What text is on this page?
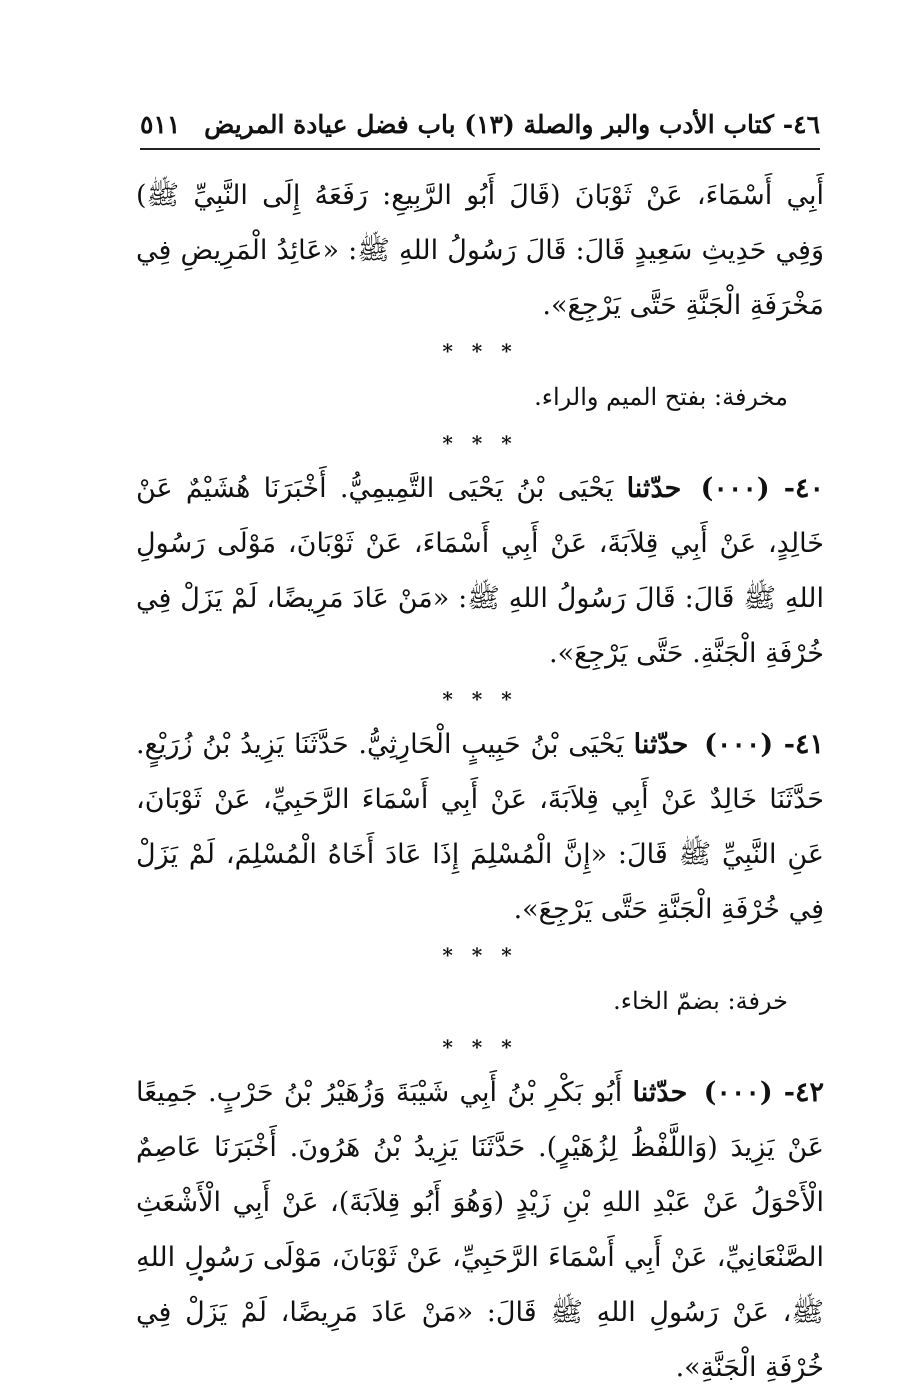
٤٦- كتاب الأدب والبر والصلة (١٣) باب فضل عيادة المريض
٥١١

أَبِي أَسْمَاءَ، عَنْ ثَوْبَانَ (قَالَ أَبُو الرَّبِيعِ: رَفَعَهُ إِلَى النَّبِيِّ ﷺ) وَفِي حَدِيثِ سَعِيدٍ قَالَ: قَالَ رَسُولُ اللهِ ﷺ: «عَائِدُ الْمَرِيضِ فِي مَخْرَفَةِ الْجَنَّةِ حَتَّى يَرْجِعَ».

* * *

مخرفة: بفتح الميم والراء.

* * *

٤٠- (٠٠٠) حدّثنا يَحْيَى بْنُ يَحْيَى التَّمِيمِيُّ. أَخْبَرَنَا هُشَيْمٌ عَنْ خَالِدٍ، عَنْ أَبِي قِلاَبَةَ، عَنْ أَبِي أَسْمَاءَ، عَنْ ثَوْبَانَ، مَوْلَى رَسُولِ اللهِ ﷺ قَالَ: قَالَ رَسُولُ اللهِ ﷺ: «مَنْ عَادَ مَرِيضًا، لَمْ يَزَلْ فِي خُرْفَةِ الْجَنَّةِ. حَتَّى يَرْجِعَ».

* * *

٤١- (٠٠٠) حدّثنا يَحْيَى بْنُ حَبِيبٍ الْحَارِثِيُّ. حَدَّثَنَا يَزِيدُ بْنُ زُرَيْعٍ. حَدَّثَنَا خَالِدٌ عَنْ أَبِي قِلاَبَةَ، عَنْ أَبِي أَسْمَاءَ الرَّحَبِيِّ، عَنْ ثَوْبَانَ، عَنِ النَّبِيِّ ﷺ قَالَ: «إِنَّ الْمُسْلِمَ إِذَا عَادَ أَخَاهُ الْمُسْلِمَ، لَمْ يَزَلْ فِي خُرْفَةِ الْجَنَّةِ حَتَّى يَرْجِعَ».

* * *

خرفة: بضمّ الخاء.

* * *

٤٢- (٠٠٠) حدّثنا أَبُو بَكْرِ بْنُ أَبِي شَيْبَةَ وَزُهَيْرُ بْنُ حَرْبٍ. جَمِيعًا عَنْ يَزِيدَ (وَاللَّفْظُ لِزُهَيْرٍ). حَدَّثَنَا يَزِيدُ بْنُ هَرُونَ. أَخْبَرَنَا عَاصِمٌ الْأَحْوَلُ عَنْ عَبْدِ اللهِ بْنِ زَيْدٍ (وَهُوَ أَبُو قِلاَبَةَ)، عَنْ أَبِي الْأَشْعَثِ الصَّنْعَانِيِّ، عَنْ أَبِي أَسْمَاءَ الرَّحَبِيِّ، عَنْ ثَوْبَانَ، مَوْلَى رَسُولِ اللهِ ﷺ، عَنْ رَسُولِ اللهِ ﷺ قَالَ: «مَنْ عَادَ مَرِيضًا، لَمْ يَزَلْ فِي خُرْفَةِ الْجَنَّةِ».
